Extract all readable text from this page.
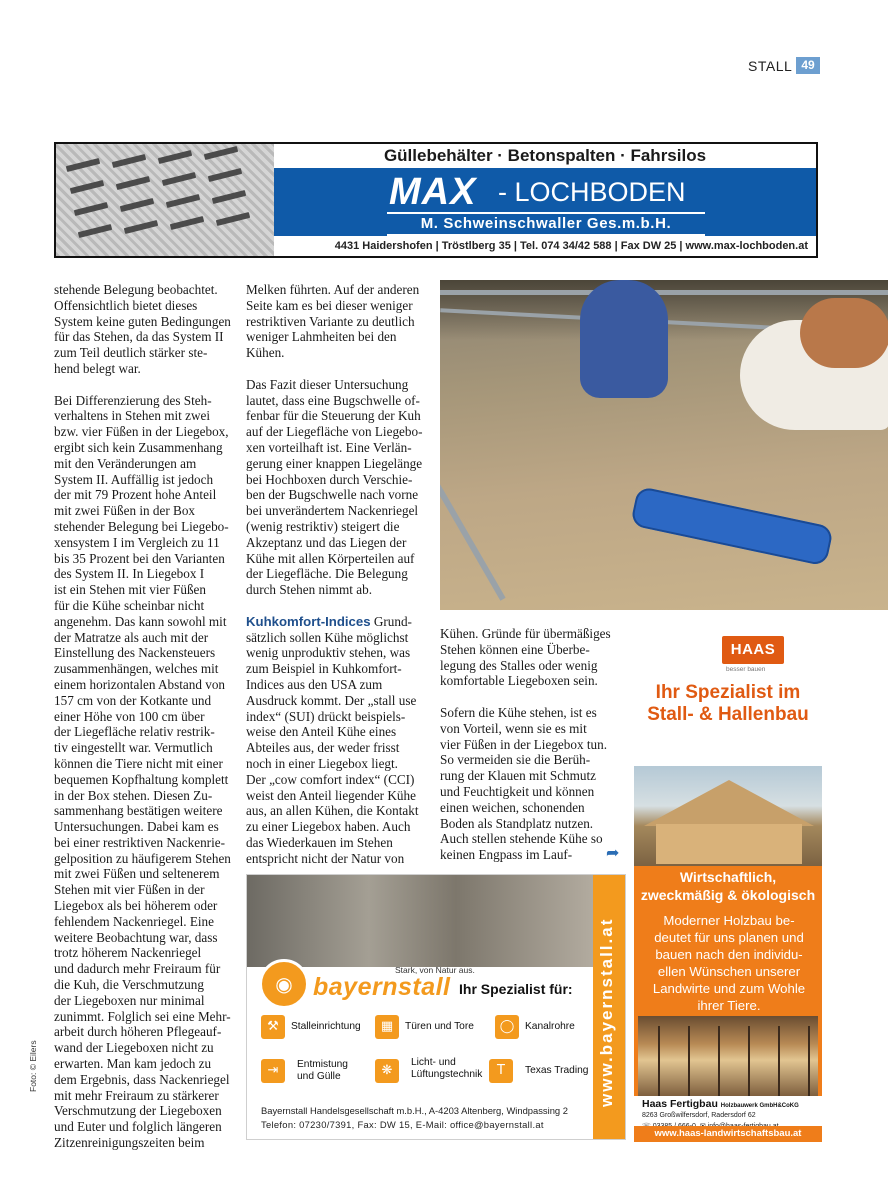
STALL 49
Güllebehälter · Betonspalten · Fahrsilos
MAX - LOCHBODEN
M. Schweinschwaller Ges.m.b.H.
4431 Haidershofen | Tröstlberg 35 | Tel. 074 34/42 588 | Fax DW 25 | www.max-lochboden.at

stehende Belegung beobachtet.
Offensichtlich bietet dieses
System keine guten Bedingungen
für das Stehen, da das System II
zum Teil deutlich stärker ste-
hend belegt war.

Bei Differenzierung des Steh-
verhaltens in Stehen mit zwei
bzw. vier Füßen in der Liegebox,
ergibt sich kein Zusammenhang
mit den Veränderungen am
System II. Auffällig ist jedoch
der mit 79 Prozent hohe Anteil
mit zwei Füßen in der Box
stehender Belegung bei Liegebo-
xensystem I im Vergleich zu 11
bis 35 Prozent bei den Varianten
des System II. In Liegebox I
ist ein Stehen mit vier Füßen
für die Kühe scheinbar nicht
angenehm. Das kann sowohl mit
der Matratze als auch mit der
Einstellung des Nackensteuers
zusammenhängen, welches mit
einem horizontalen Abstand von
157 cm von der Kotkante und
einer Höhe von 100 cm über
der Liegefläche relativ restrik-
tiv eingestellt war. Vermutlich
können die Tiere nicht mit einer
bequemen Kopfhaltung komplett
in der Box stehen. Diesen Zu-
sammenhang bestätigen weitere
Untersuchungen. Dabei kam es
bei einer restriktiven Nackenrie-
gelposition zu häufigerem Stehen
mit zwei Füßen und seltenerem
Stehen mit vier Füßen in der
Liegebox als bei höherem oder
fehlendem Nackenriegel. Eine
weitere Beobachtung war, dass
trotz höherem Nackenriegel
und dadurch mehr Freiraum für
die Kuh, die Verschmutzung
der Liegeboxen nur minimal
zunimmt. Folglich sei eine Mehr-
arbeit durch höheren Pflegeauf-
wand der Liegeboxen nicht zu
erwarten. Man kam jedoch zu
dem Ergebnis, dass Nackenriegel
mit mehr Freiraum zu stärkerer
Verschmutzung der Liegeboxen
und Euter und folglich längeren
Zitzenreinigungszeiten beim

Melken führten. Auf der anderen
Seite kam es bei dieser weniger
restriktiven Variante zu deutlich
weniger Lahmheiten bei den
Kühen.

Das Fazit dieser Untersuchung
lautet, dass eine Bugschwelle of-
fenbar für die Steuerung der Kuh
auf der Liegefläche von Liegebo-
xen vorteilhaft ist. Eine Verlän-
gerung einer knappen Liegelänge
bei Hochboxen durch Verschie-
ben der Bugschwelle nach vorne
bei unverändertem Nackenriegel
(wenig restriktiv) steigert die
Akzeptanz und das Liegen der
Kühe mit allen Körperteilen auf
der Liegefläche. Die Belegung
durch Stehen nimmt ab.

Kuhkomfort-Indices Grund-
sätzlich sollen Kühe möglichst
wenig unproduktiv stehen, was
zum Beispiel in Kuhkomfort-
Indices aus den USA zum
Ausdruck kommt. Der „stall use
index“ (SUI) drückt beispiels-
weise den Anteil Kühe eines
Abteiles aus, der weder frisst
noch in einer Liegebox liegt.
Der „cow comfort index“ (CCI)
weist den Anteil liegender Kühe
aus, an allen Kühen, die Kontakt
zu einer Liegebox haben. Auch
das Wiederkauen im Stehen
entspricht nicht der Natur von

Kühen. Gründe für übermäßiges
Stehen können eine Überbe-
legung des Stalles oder wenig
komfortable Liegeboxen sein.

Sofern die Kühe stehen, ist es
von Vorteil, wenn sie es mit
vier Füßen in der Liegebox tun.
So vermeiden sie die Berüh-
rung der Klauen mit Schmutz
und Feuchtigkeit und können
einen weichen, schonenden
Boden als Standplatz nutzen.
Auch stellen stehende Kühe so
keinen Engpass im Lauf-	➦
Foto: © Eilers	www.bayernstall.at
◉
Stark, von Natur aus.
bayernstall Ihr Spezialist für:
⚒	Stalleinrichtung	▦	Türen und Tore	◯	Kanalrohre
⇥	Entmistung
und Gülle	❋
Licht- und
Lüftungstechnik	T	Texas Trading
Bayernstall Handelsgesellschaft m.b.H., A-4203 Altenberg, Windpassing 2
Telefon: 07230/7391, Fax: DW 15, E-Mail: office@bayernstall.at
HAAS
besser bauen
Ihr Spezialist im
Stall- & Hallenbau
Wirtschaftlich,
zweckmäßig & ökologisch
Moderner Holzbau be-
deutet für uns planen und
bauen nach den individu-
ellen Wünschen unserer
Landwirte und zum Wohle
ihrer Tiere.
Haas Fertigbau Holzbauwerk GmbH&CoKG
8263 Großwilfersdorf, Radersdorf 62

www.haas-landwirtschaftsbau.at
